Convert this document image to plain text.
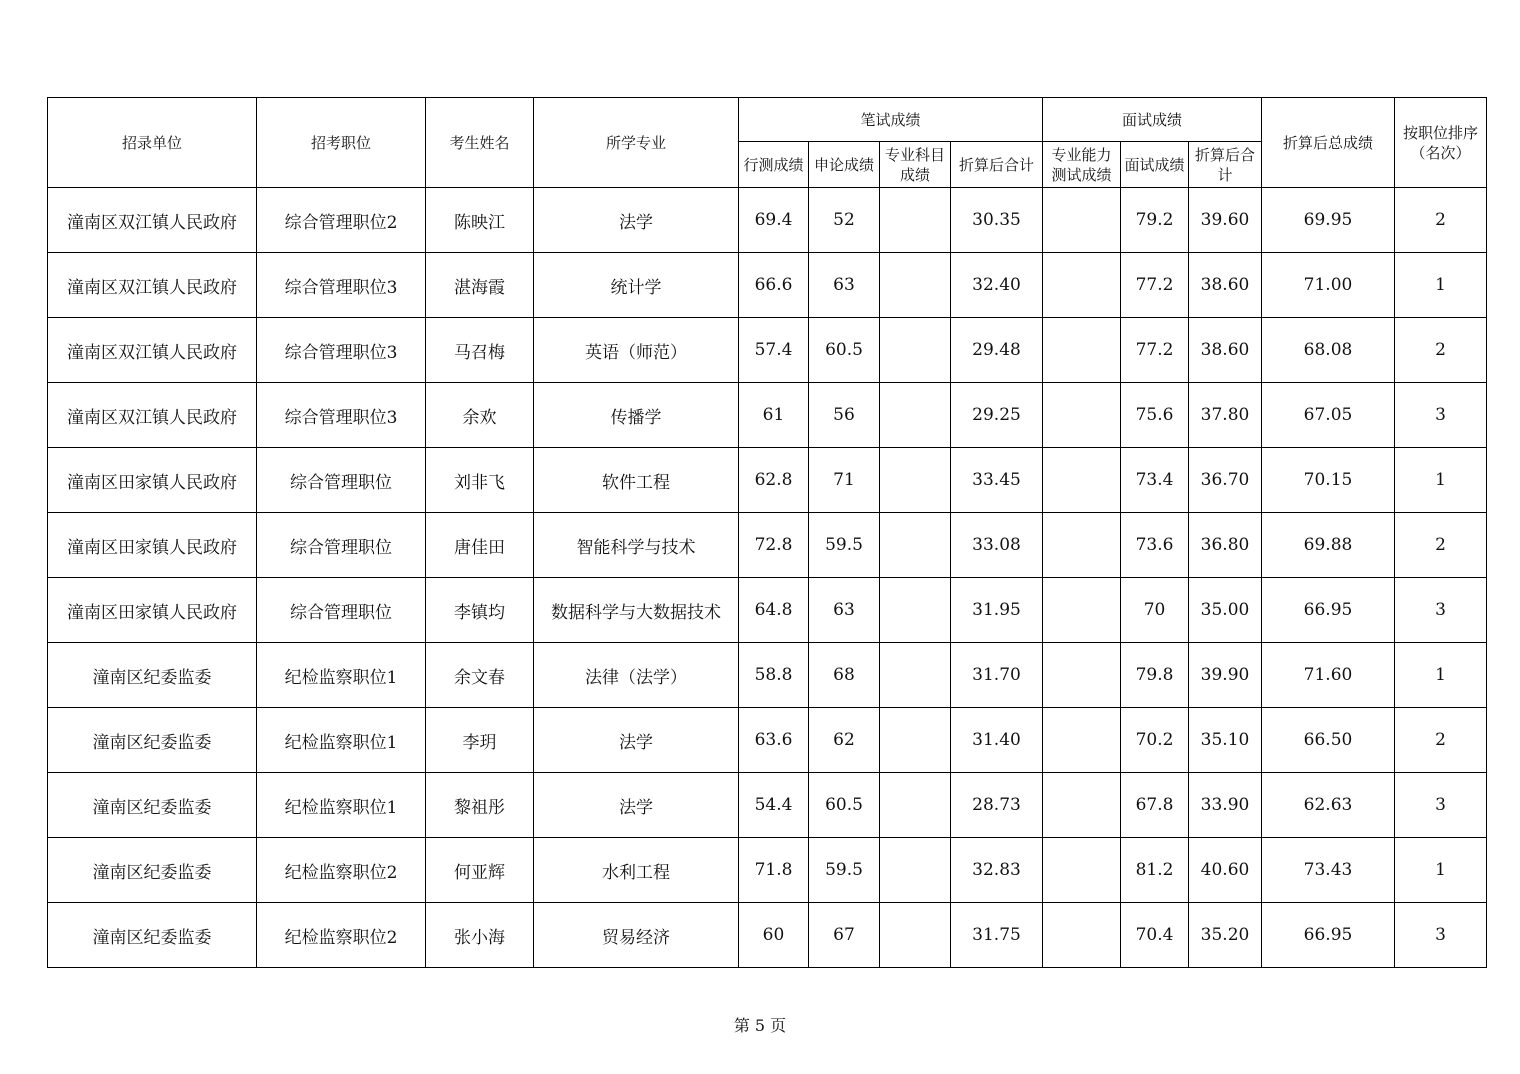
招录单位	招考职位	考生姓名	所学专业	笔试成绩				面试成绩			折算后总成绩	按职位排序（名次）
				行测成绩	申论成绩	专业科目成绩	折算后合计	专业能力测试成绩	面试成绩	折算后合计		
潼南区双江镇人民政府	综合管理职位2	陈映江	法学	69.4	52		30.35		79.2	39.60	69.95	2
潼南区双江镇人民政府	综合管理职位3	湛海霞	统计学	66.6	63		32.40		77.2	38.60	71.00	1
潼南区双江镇人民政府	综合管理职位3	马召梅	英语（师范）	57.4	60.5		29.48		77.2	38.60	68.08	2
潼南区双江镇人民政府	综合管理职位3	余欢	传播学	61	56		29.25		75.6	37.80	67.05	3
潼南区田家镇人民政府	综合管理职位	刘非飞	软件工程	62.8	71		33.45		73.4	36.70	70.15	1
潼南区田家镇人民政府	综合管理职位	唐佳田	智能科学与技术	72.8	59.5		33.08		73.6	36.80	69.88	2
潼南区田家镇人民政府	综合管理职位	李镇均	数据科学与大数据技术	64.8	63		31.95		70	35.00	66.95	3
潼南区纪委监委	纪检监察职位1	余文春	法律（法学）	58.8	68		31.70		79.8	39.90	71.60	1
潼南区纪委监委	纪检监察职位1	李玥	法学	63.6	62		31.40		70.2	35.10	66.50	2
潼南区纪委监委	纪检监察职位1	黎祖彤	法学	54.4	60.5		28.73		67.8	33.90	62.63	3
潼南区纪委监委	纪检监察职位2	何亚辉	水利工程	71.8	59.5		32.83		81.2	40.60	73.43	1
潼南区纪委监委	纪检监察职位2	张小海	贸易经济	60	67		31.75		70.4	35.20	66.95	3
第 5 页
